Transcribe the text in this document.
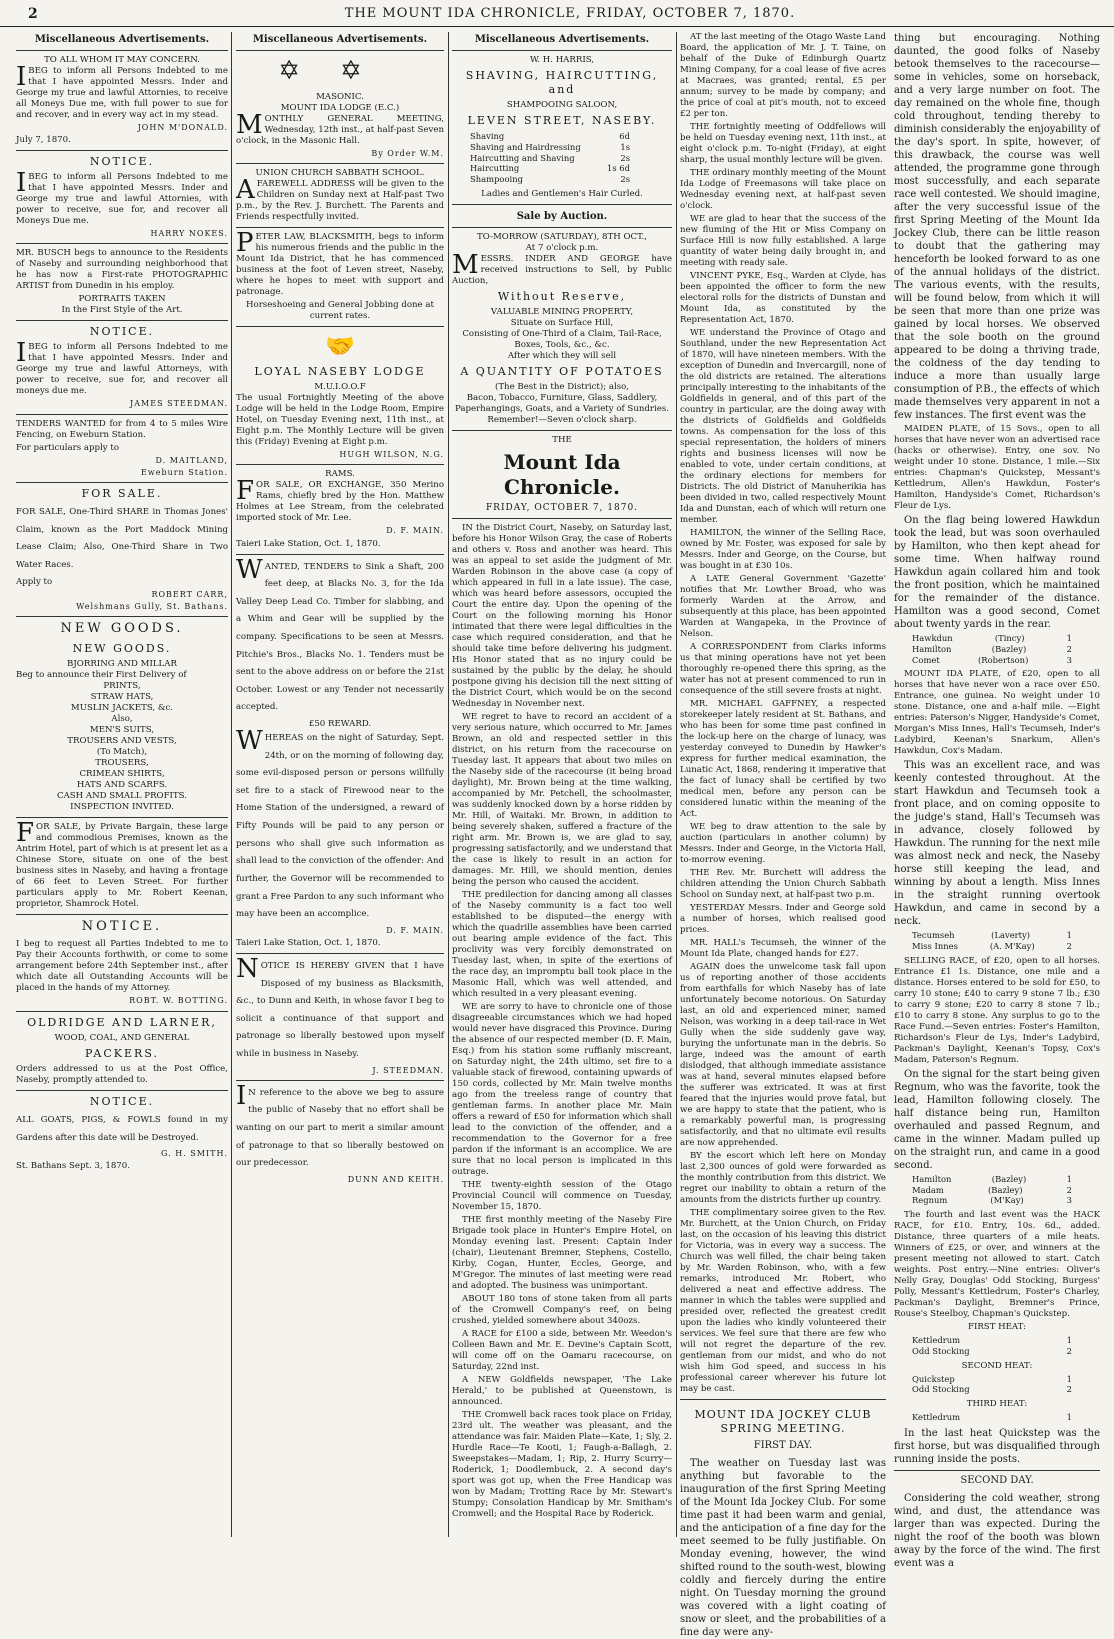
2	THE MOUNT IDA CHRONICLE, FRIDAY, OCTOBER 7, 1870.
Miscellaneous Advertisements.
TO ALL WHOM IT MAY CONCERN.

IBEG to inform all Persons Indebted to me that I have appointed Messrs. Inder and George my true and lawful Attornies, to receive all Moneys Due me, with full power to sue for and recover, and in every way act in my stead.

JOHN M'DONALD.
July 7, 1870.
NOTICE.

IBEG to inform all Persons Indebted to me that I have appointed Messrs. Inder and George my true and lawful Attornies, with power to receive, sue for, and recover all Moneys Due me.

HARRY NOKES.

MR. BUSCH begs to announce to the Residents of Naseby and surrounding neighborhood that he has now a First-rate PHOTOGRAPHIC ARTIST from Dunedin in his employ.

PORTRAITS TAKEN
In the First Style of the Art.
NOTICE.

IBEG to inform all Persons Indebted to me that I have appointed Messrs. Inder and George my true and lawful Attorneys, with power to receive, sue for, and recover all moneys due me.

JAMES STEEDMAN.

TENDERS WANTED for from 4 to 5 miles Wire Fencing, on Eweburn Station.

For particulars apply to

D. MAITLAND,
Eweburn Station.
FOR SALE.

FOR SALE, One-Third SHARE in Thomas Jones' Claim, known as the Port Maddock Mining Lease Claim; Also, One-Third Share in Two Water Races.

Apply to

ROBERT CARR,
Welshmans Gully, St. Bathans.
NEW GOODS.
NEW GOODS.
BJORRING AND MILLAR
Beg to announce their First Delivery of
PRINTS,
STRAW HATS,
MUSLIN JACKETS, &c.
Also,
MEN'S SUITS,
TROUSERS AND VESTS,
(To Match),
TROUSERS,
CRIMEAN SHIRTS,
HATS AND SCARFS.
CASH AND SMALL PROFITS.
INSPECTION INVITED.

FOR SALE, by Private Bargain, these large and commodious Premises, known as the Antrim Hotel, part of which is at present let as a Chinese Store, situate on one of the best business sites in Naseby, and having a frontage of 66 feet to Leven Street. For further particulars apply to Mr. Robert Keenan, proprietor, Shamrock Hotel.

NOTICE.

I beg to request all Parties Indebted to me to Pay their Accounts forthwith, or come to some arrangement before 24th September inst., after which date all Outstanding Accounts will be placed in the hands of my Attorney.

ROBT. W. BOTTING.
OLDRIDGE AND LARNER,
WOOD, COAL, AND GENERAL
PACKERS.

Orders addressed to us at the Post Office, Naseby, promptly attended to.

NOTICE.

ALL GOATS, PIGS, & FOWLS found in my Gardens after this date will be Destroyed.

G. H. SMITH.
St. Bathans Sept. 3, 1870.
Miscellaneous Advertisements.
✡✡
MASONIC.
MOUNT IDA LODGE (E.C.)

MONTHLY GENERAL MEETING, Wednesday, 12th inst., at half-past Seven o'clock, in the Masonic Hall.

By Order W.M.
UNION CHURCH SABBATH SCHOOL.

AFAREWELL ADDRESS will be given to the Children on Sunday next at Half-past Two p.m., by the Rev. J. Burchett. The Parents and Friends respectfully invited.

PETER LAW, BLACKSMITH, begs to inform his numerous friends and the public in the Mount Ida District, that he has commenced business at the foot of Leven street, Naseby, where he hopes to meet with support and patronage.

Horseshoeing and General Jobbing done at current rates.

🤝
LOYAL NASEBY LODGE
M.U.I.O.O.F

The usual Fortnightly Meeting of the above Lodge will be held in the Lodge Room, Empire Hotel, on Tuesday Evening next, 11th inst., at Eight p.m. The Monthly Lecture will be given this (Friday) Evening at Eight p.m.

HUGH WILSON, N.G.
RAMS.

FOR SALE, OR EXCHANGE, 350 Merino Rams, chiefly bred by the Hon. Matthew Holmes at Lee Stream, from the celebrated imported stock of Mr. Lee.

D. F. MAIN.
Taieri Lake Station, Oct. 1, 1870.

WANTED, TENDERS to Sink a Shaft, 200 feet deep, at Blacks No. 3, for the Ida Valley Deep Lead Co. Timber for slabbing, and a Whim and Gear will be supplied by the company. Specifications to be seen at Messrs. Pitchie's Bros., Blacks No. 1. Tenders must be sent to the above address on or before the 21st October. Lowest or any Tender not necessarily accepted.

£50 REWARD.

WHEREAS on the night of Saturday, Sept. 24th, or on the morning of following day, some evil-disposed person or persons willfully set fire to a stack of Firewood near to the Home Station of the undersigned, a reward of Fifty Pounds will be paid to any person or persons who shall give such information as shall lead to the conviction of the offender: And further, the Governor will be recommended to grant a Free Pardon to any such informant who may have been an accomplice.

D. F. MAIN.
Taieri Lake Station, Oct. 1, 1870.

NOTICE IS HEREBY GIVEN that I have Disposed of my business as Blacksmith, &c., to Dunn and Keith, in whose favor I beg to solicit a continuance of that support and patronage so liberally bestowed upon myself while in business in Naseby.

J. STEEDMAN.

IN reference to the above we beg to assure the public of Naseby that no effort shall be wanting on our part to merit a similar amount of patronage to that so liberally bestowed on our predecessor.

DUNN AND KEITH.
Miscellaneous Advertisements.
W. H. HARRIS,
SHAVING, HAIRCUTTING, and
SHAMPOOING SALOON,
LEVEN STREET, NASEBY.
Shaving	6d
Shaving and Hairdressing	1s
Haircutting and Shaving	2s
Haircutting	1s 6d
Shampooing	2s
Ladies and Gentlemen's Hair Curled.
Sale by Auction.
TO-MORROW (SATURDAY), 8TH OCT.,
At 7 o'clock p.m.

MESSRS. INDER AND GEORGE have received instructions to Sell, by Public Auction,

Without Reserve,
VALUABLE MINING PROPERTY,
Situate on Surface Hill,
Consisting of One-Third of a Claim, Tail-Race, Boxes, Tools, &c., &c.
After which they will sell
A QUANTITY OF POTATOES
(The Best in the District); also,
Bacon, Tobacco, Furniture, Glass, Saddlery, Paperhangings, Goats, and a Variety of Sundries.
Remember!—Seven o'clock sharp.
THE
Mount Ida Chronicle.
FRIDAY, OCTOBER 7, 1870.

IN the District Court, Naseby, on Saturday last, before his Honor Wilson Gray, the case of Roberts and others v. Ross and another was heard. This was an appeal to set aside the judgment of Mr. Warden Robinson in the above case (a copy of which appeared in full in a late issue). The case, which was heard before assessors, occupied the Court the entire day. Upon the opening of the Court on the following morning his Honor intimated that there were legal difficulties in the case which required consideration, and that he should take time before delivering his judgment. His Honor stated that as no injury could be sustained by the public by the delay, he should postpone giving his decision till the next sitting of the District Court, which would be on the second Wednesday in November next.

WE regret to have to record an accident of a very serious nature, which occurred to Mr. James Brown, an old and respected settler in this district, on his return from the racecourse on Tuesday last. It appears that about two miles on the Naseby side of the racecourse (it being broad daylight), Mr. Brown being at the time walking, accompanied by Mr. Petchell, the schoolmaster, was suddenly knocked down by a horse ridden by Mr. Hill, of Waitaki. Mr. Brown, in addition to being severely shaken, suffered a fracture of the right arm. Mr. Brown is, we are glad to say, progressing satisfactorily, and we understand that the case is likely to result in an action for damages. Mr. Hill, we should mention, denies being the person who caused the accident.

THE predilection for dancing among all classes of the Naseby community is a fact too well established to be disputed—the energy with which the quadrille assemblies have been carried out bearing ample evidence of the fact. This proclivity was very forcibly demonstrated on Tuesday last, when, in spite of the exertions of the race day, an impromptu ball took place in the Masonic Hall, which was well attended, and which resulted in a very pleasant evening.

WE are sorry to have to chronicle one of those disagreeable circumstances which we had hoped would never have disgraced this Province. During the absence of our respected member (D. F. Main, Esq.) from his station some ruffianly miscreant, on Saturday night, the 24th ultimo, set fire to a valuable stack of firewood, containing upwards of 150 cords, collected by Mr. Main twelve months ago from the treeless range of country that gentleman farms. In another place Mr. Main offers a reward of £50 for information which shall lead to the conviction of the offender, and a recommendation to the Governor for a free pardon if the informant is an accomplice. We are sure that no local person is implicated in this outrage.

THE twenty-eighth session of the Otago Provincial Council will commence on Tuesday, November 15, 1870.

THE first monthly meeting of the Naseby Fire Brigade took place in Hunter's Empire Hotel, on Monday evening last. Present: Captain Inder (chair), Lieutenant Bremner, Stephens, Costello, Kirby, Cogan, Hunter, Eccles, George, and M'Gregor. The minutes of last meeting were read and adopted. The business was unimportant.

ABOUT 180 tons of stone taken from all parts of the Cromwell Company's reef, on being crushed, yielded somewhere about 340ozs.

A RACE for £100 a side, between Mr. Weedon's Colleen Bawn and Mr. E. Devine's Captain Scott, will come off on the Oamaru racecourse, on Saturday, 22nd inst.

A NEW Goldfields newspaper, 'The Lake Herald,' to be published at Queenstown, is announced.

THE Cromwell back races took place on Friday, 23rd ult. The weather was pleasant, and the attendance was fair. Maiden Plate—Kate, 1; Sly, 2. Hurdle Race—Te Kooti, 1; Faugh-a-Ballagh, 2. Sweepstakes—Madam, 1; Rip, 2. Hurry Scurry—Roderick, 1; Doodlembuck, 2. A second day's sport was got up, when the Free Handicap was won by Madam; Trotting Race by Mr. Stewart's Stumpy; Consolation Handicap by Mr. Smitham's Cromwell; and the Hospital Race by Roderick.

AT the last meeting of the Otago Waste Land Board, the application of Mr. J. T. Taine, on behalf of the Duke of Edinburgh Quartz Mining Company, for a coal lease of five acres at Macraes, was granted; rental, £5 per annum; survey to be made by company; and the price of coal at pit's mouth, not to exceed £2 per ton.

THE fortnightly meeting of Oddfellows will be held on Tuesday evening next, 11th inst., at eight o'clock p.m. To-night (Friday), at eight sharp, the usual monthly lecture will be given.

THE ordinary monthly meeting of the Mount Ida Lodge of Freemasons will take place on Wednesday evening next, at half-past seven o'clock.

WE are glad to hear that the success of the new fluming of the Hit or Miss Company on Surface Hill is now fully established. A large quantity of water being daily brought in, and meeting with ready sale.

VINCENT PYKE, Esq., Warden at Clyde, has been appointed the officer to form the new electoral rolls for the districts of Dunstan and Mount Ida, as constituted by the Representation Act, 1870.

WE understand the Province of Otago and Southland, under the new Representation Act of 1870, will have nineteen members. With the exception of Dunedin and Invercargill, none of the old districts are retained. The alterations principally interesting to the inhabitants of the Goldfields in general, and of this part of the country in particular, are the doing away with the districts of Goldfields and Goldfields towns. As compensation for the loss of this special representation, the holders of miners rights and business licenses will now be enabled to vote, under certain conditions, at the ordinary elections for members for Districts. The old District of Manuherikia has been divided in two, called respectively Mount Ida and Dunstan, each of which will return one member.

HAMILTON, the winner of the Selling Race, owned by Mr. Foster, was exposed for sale by Messrs. Inder and George, on the Course, but was bought in at £30 10s.

A LATE General Government 'Gazette' notifies that Mr. Lowther Broad, who was formerly Warden at the Arrow, and subsequently at this place, has been appointed Warden at Wangapeka, in the Province of Nelson.

A CORRESPONDENT from Clarks informs us that mining operations have not yet been thoroughly re-opened there this spring, as the water has not at present commenced to run in consequence of the still severe frosts at night.

MR. MICHAEL GAFFNEY, a respected storekeeper lately resident at St. Bathans, and who has been for some time past confined in the lock-up here on the charge of lunacy, was yesterday conveyed to Dunedin by Hawker's express for further medical examination, the Lunatic Act, 1868, rendering it imperative that the fact of lunacy shall be certified by two medical men, before any person can be considered lunatic within the meaning of the Act.

WE beg to draw attention to the sale by auction (particulars in another column) by Messrs. Inder and George, in the Victoria Hall, to-morrow evening.

THE Rev. Mr. Burchett will address the children attending the Union Church Sabbath School on Sunday next, at half-past two p.m.

YESTERDAY Messrs. Inder and George sold a number of horses, which realised good prices.

MR. HALL's Tecumseh, the winner of the Mount Ida Plate, changed hands for £27.

AGAIN does the unwelcome task fall upon us of reporting another of those accidents from earthfalls for which Naseby has of late unfortunately become notorious. On Saturday last, an old and experienced miner, named Nelson, was working in a deep tail-race in Wet Gully when the side suddenly gave way, burying the unfortunate man in the debris. So large, indeed was the amount of earth dislodged, that although immediate assistance was at hand, several minutes elapsed before the sufferer was extricated. It was at first feared that the injuries would prove fatal, but we are happy to state that the patient, who is a remarkably powerful man, is progressing satisfactorily, and that no ultimate evil results are now apprehended.

BY the escort which left here on Monday last 2,300 ounces of gold were forwarded as the monthly contribution from this district. We regret our inability to obtain a return of the amounts from the districts further up country.

THE complimentary soiree given to the Rev. Mr. Burchett, at the Union Church, on Friday last, on the occasion of his leaving this district for Victoria, was in every way a success. The Church was well filled, the chair being taken by Mr. Warden Robinson, who, with a few remarks, introduced Mr. Robert, who delivered a neat and effective address. The manner in which the tables were supplied and presided over, reflected the greatest credit upon the ladies who kindly volunteered their services. We feel sure that there are few who will not regret the departure of the rev. gentleman from our midst, and who do not wish him God speed, and success in his professional career wherever his future lot may be cast.

MOUNT IDA JOCKEY CLUB SPRING MEETING.
FIRST DAY.

The weather on Tuesday last was anything but favorable to the inauguration of the first Spring Meeting of the Mount Ida Jockey Club. For some time past it had been warm and genial, and the anticipation of a fine day for the meet seemed to be fully justifiable. On Monday evening, however, the wind shifted round to the south-west, blowing coldly and fiercely during the entire night. On Tuesday morning the ground was covered with a light coating of snow or sleet, and the probabilities of a fine day were any-

thing but encouraging. Nothing daunted, the good folks of Naseby betook themselves to the racecourse—some in vehicles, some on horseback, and a very large number on foot. The day remained on the whole fine, though cold throughout, tending thereby to diminish considerably the enjoyability of the day's sport. In spite, however, of this drawback, the course was well attended, the programme gone through most successfully, and each separate race well contested. We should imagine, after the very successful issue of the first Spring Meeting of the Mount Ida Jockey Club, there can be little reason to doubt that the gathering may henceforth be looked forward to as one of the annual holidays of the district. The various events, with the results, will be found below, from which it will be seen that more than one prize was gained by local horses. We observed that the sole booth on the ground appeared to be doing a thriving trade, the coldness of the day tending to induce a more than usually large consumption of P.B., the effects of which made themselves very apparent in not a few instances. The first event was the

MAIDEN PLATE, of 15 Sovs., open to all horses that have never won an advertised race (hacks or otherwise). Entry, one sov. No weight under 10 stone. Distance, 1 mile.—Six entries: Chapman's Quickstep, Messant's Kettledrum, Allen's Hawkdun, Foster's Hamilton, Handyside's Comet, Richardson's Fleur de Lys.

On the flag being lowered Hawkdun took the lead, but was soon overhauled by Hamilton, who then kept ahead for some time. When halfway round Hawkdun again collared him and took the front position, which he maintained for the remainder of the distance. Hamilton was a good second, Comet about twenty yards in the rear.

Hawkdun	(Tincy)	1
Hamilton	(Bazley)	2
Comet	(Robertson)	3

MOUNT IDA PLATE, of £20, open to all horses that have never won a race over £50. Entrance, one guinea. No weight under 10 stone. Distance, one and a-half mile. —Eight entries: Paterson's Nigger, Handyside's Comet, Morgan's Miss Innes, Hall's Tecumseh, Inder's Ladybird, Keenan's Snarkum, Allen's Hawkdun, Cox's Madam.

This was an excellent race, and was keenly contested throughout. At the start Hawkdun and Tecumseh took a front place, and on coming opposite to the judge's stand, Hall's Tecumseh was in advance, closely followed by Hawkdun. The running for the next mile was almost neck and neck, the Naseby horse still keeping the lead, and winning by about a length. Miss Innes in the straight running overtook Hawkdun, and came in second by a neck.

Tecumseh	(Laverty)	1
Miss Innes	(A. M'Kay)	2

SELLING RACE, of £20, open to all horses. Entrance £1 1s. Distance, one mile and a distance. Horses entered to be sold for £50, to carry 10 stone; £40 to carry 9 stone 7 lb.; £30 to carry 9 stone; £20 to carry 8 stone 7 lb.; £10 to carry 8 stone. Any surplus to go to the Race Fund.—Seven entries: Foster's Hamilton, Richardson's Fleur de Lys, Inder's Ladybird, Packman's Daylight, Keenan's Topsy, Cox's Madam, Paterson's Regnum.

On the signal for the start being given Regnum, who was the favorite, took the lead, Hamilton following closely. The half distance being run, Hamilton overhauled and passed Regnum, and came in the winner. Madam pulled up on the straight run, and came in a good second.

Hamilton	(Bazley)	1
Madam	(Bazley)	2
Regnum	(M'Kay)	3

The fourth and last event was the HACK RACE, for £10. Entry, 10s. 6d., added. Distance, three quarters of a mile heats. Winners of £25, or over, and winners at the present meeting not allowed to start. Catch weights. Post entry.—Nine entries: Oliver's Nelly Gray, Douglas' Odd Stocking, Burgess' Polly, Messant's Kettledrum, Foster's Charley, Packman's Daylight, Bremner's Prince, Rouse's Steelboy, Chapman's Quickstep.

FIRST HEAT:
Kettledrum	1
Odd Stocking	2
SECOND HEAT:
Quickstep	1
Odd Stocking	2
THIRD HEAT:
Kettledrum	1

In the last heat Quickstep was the first horse, but was disqualified through running inside the posts.

SECOND DAY.

Considering the cold weather, strong wind, and dust, the attendance was larger than was expected. During the night the roof of the booth was blown away by the force of the wind. The first event was a
